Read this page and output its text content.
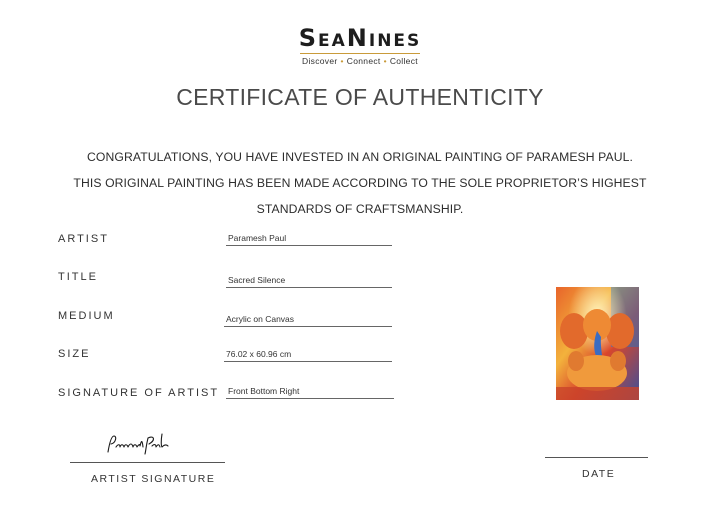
SEANINES
Discover • Connect • Collect
CERTIFICATE OF AUTHENTICITY
CONGRATULATIONS, YOU HAVE INVESTED IN AN ORIGINAL PAINTING OF PARAMESH PAUL.
THIS ORIGINAL PAINTING HAS BEEN MADE ACCORDING TO THE SOLE PROPRIETOR’S HIGHEST
STANDARDS OF CRAFTSMANSHIP.
ARTIST	Paramesh Paul
TITLE	Sacred Silence
MEDIUM	Acrylic on Canvas
SIZE	76.02 x 60.96 cm
SIGNATURE OF ARTIST Front Bottom Right
ARTIST SIGNATURE	DATE
